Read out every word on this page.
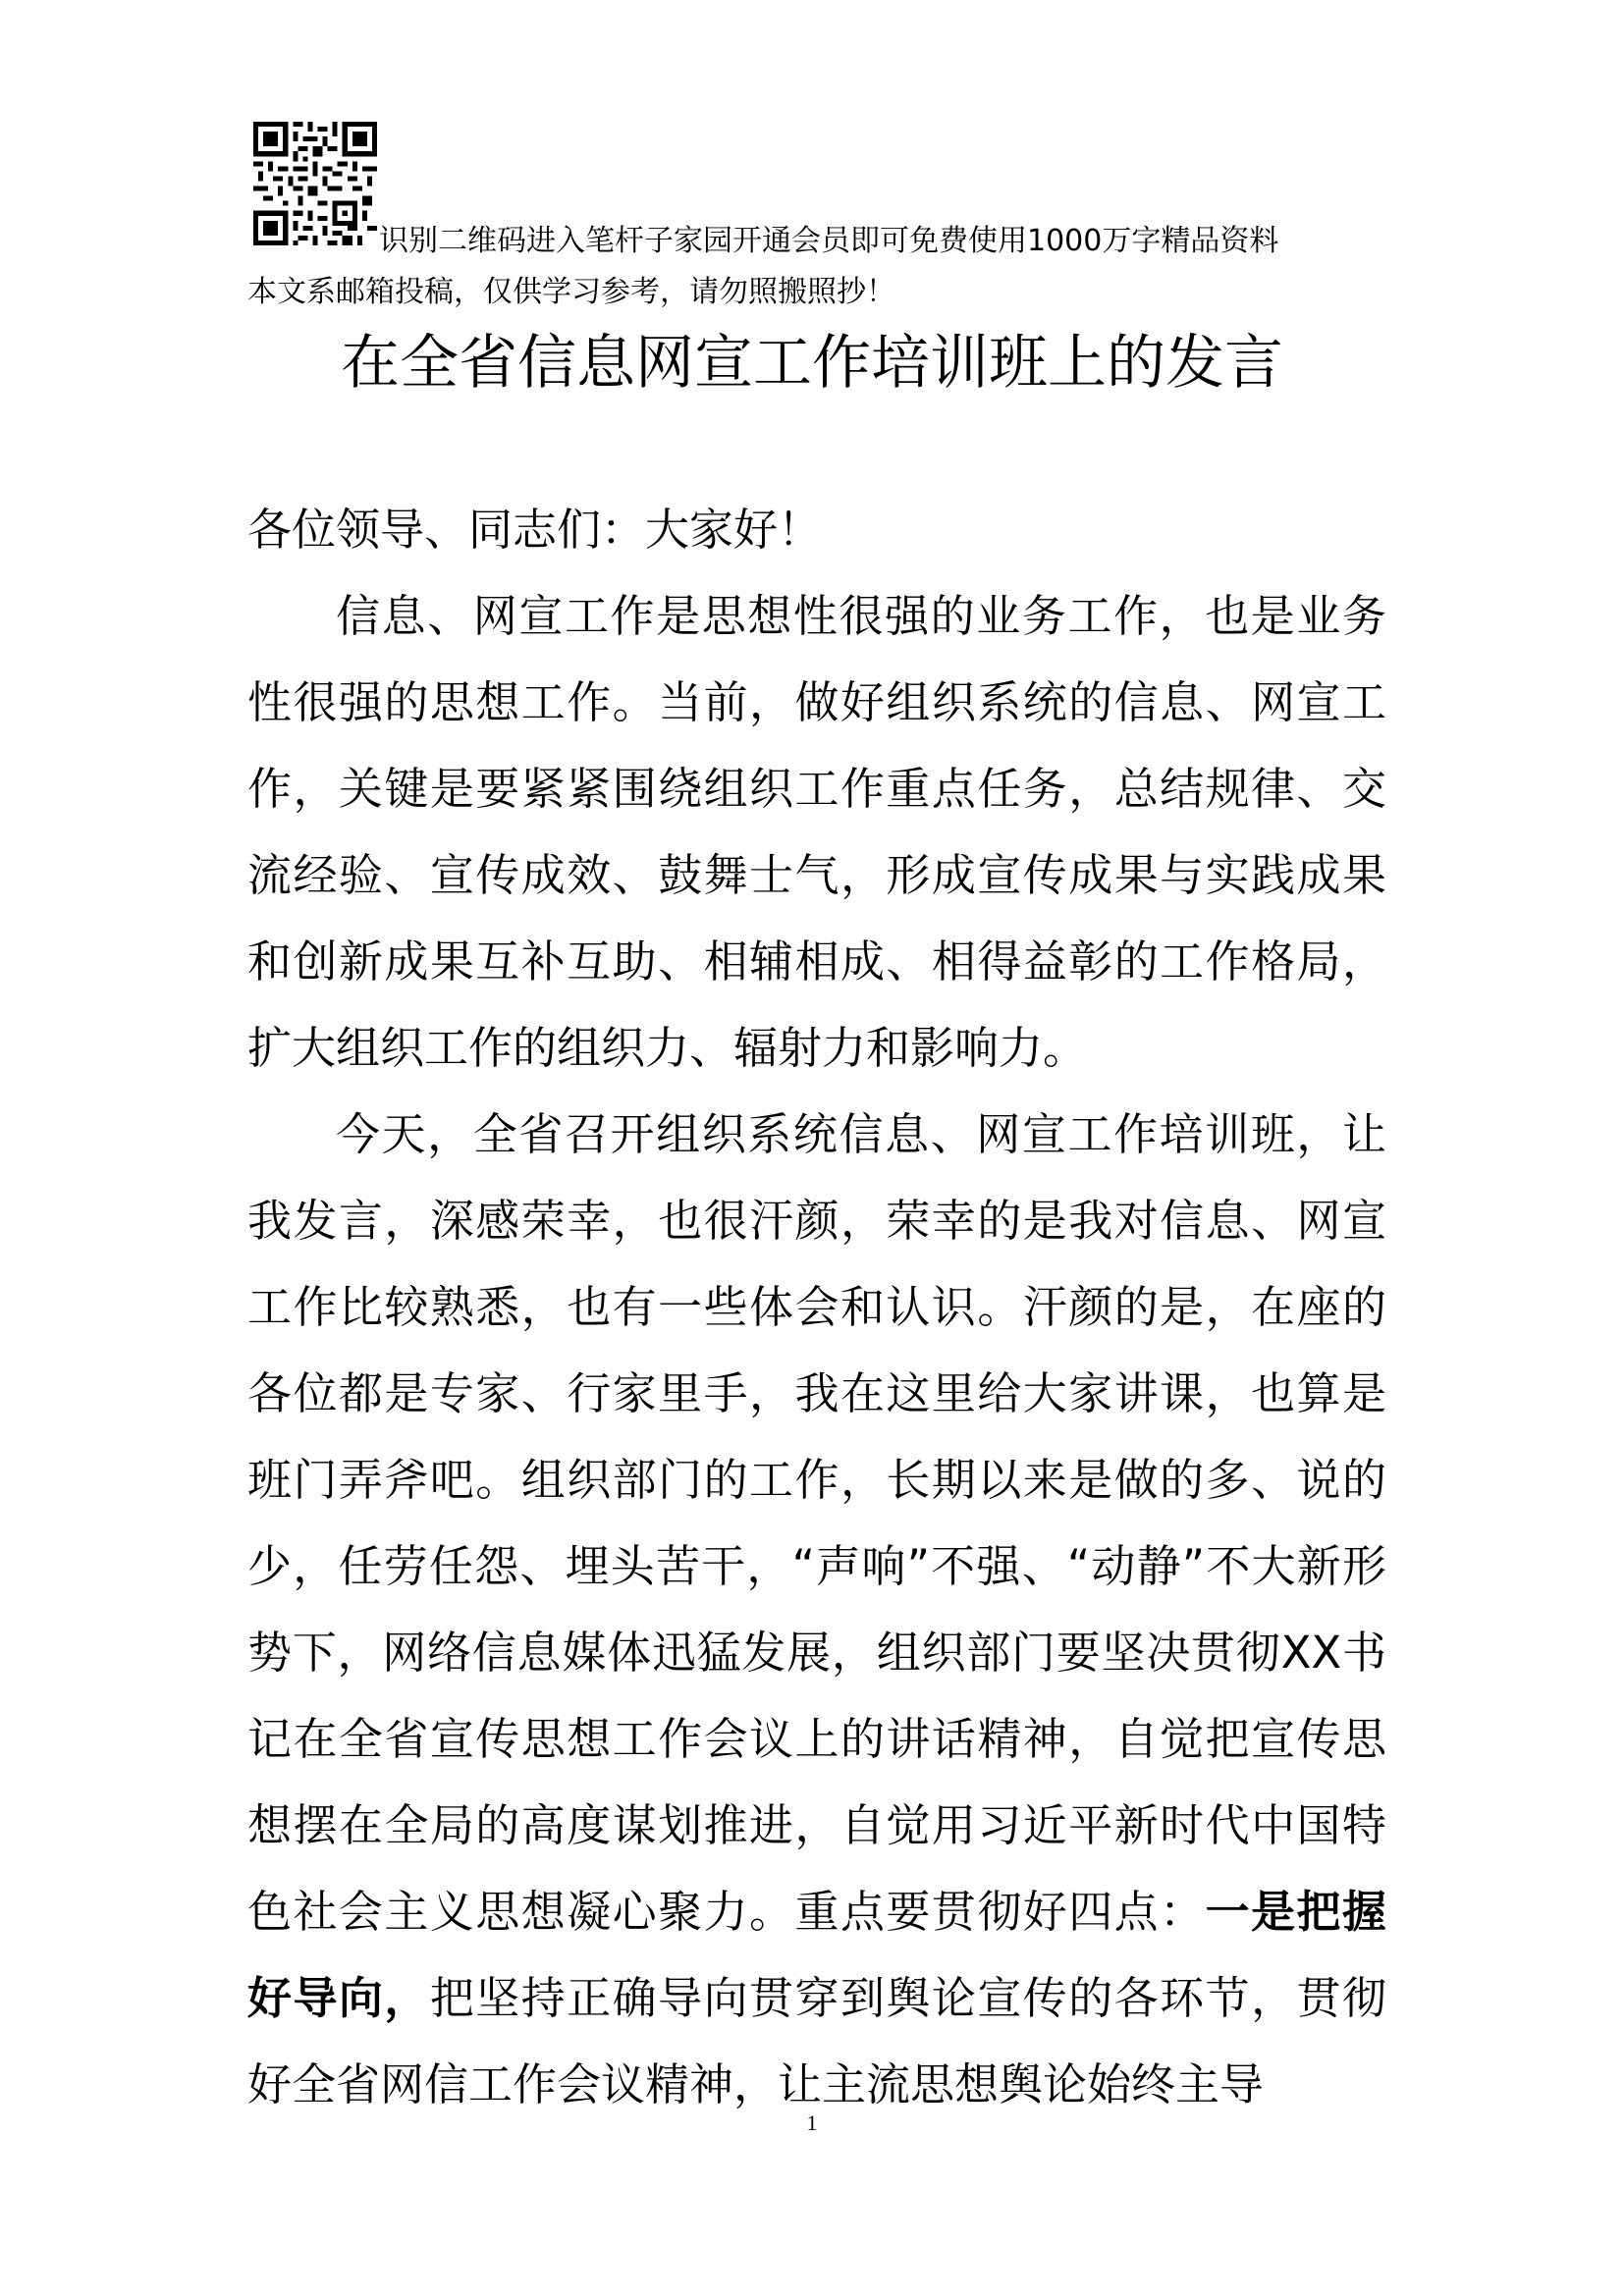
识别二维码进入笔杆子家园开通会员即可免费使用1000万字精品资料
本文系邮箱投稿，仅供学习参考，请勿照搬照抄！
在全省信息网宣工作培训班上的发言
各位领导、同志们：大家好！
信息、网宣工作是思想性很强的业务工作，也是业务性很强的思想工作。当前，做好组织系统的信息、网宣工作，关键是要紧紧围绕组织工作重点任务，总结规律、交流经验、宣传成效、鼓舞士气，形成宣传成果与实践成果和创新成果互补互助、相辅相成、相得益彰的工作格局，扩大组织工作的组织力、辐射力和影响力。
今天，全省召开组织系统信息、网宣工作培训班，让我发言，深感荣幸，也很汗颜，荣幸的是我对信息、网宣工作比较熟悉，也有一些体会和认识。汗颜的是，在座的各位都是专家、行家里手，我在这里给大家讲课，也算是班门弄斧吧。组织部门的工作，长期以来是做的多、说的少，任劳任怨、埋头苦干，“声响”不强、“动静”不大新形势下，网络信息媒体迅猛发展，组织部门要坚决贯彻XX书记在全省宣传思想工作会议上的讲话精神，自觉把宣传思想摆在全局的高度谋划推进，自觉用习近平新时代中国特色社会主义思想凝心聚力。重点要贯彻好四点：一是把握好导向，把坚持正确导向贯穿到舆论宣传的各环节，贯彻好全省网信工作会议精神，让主流思想舆论始终主导
1
